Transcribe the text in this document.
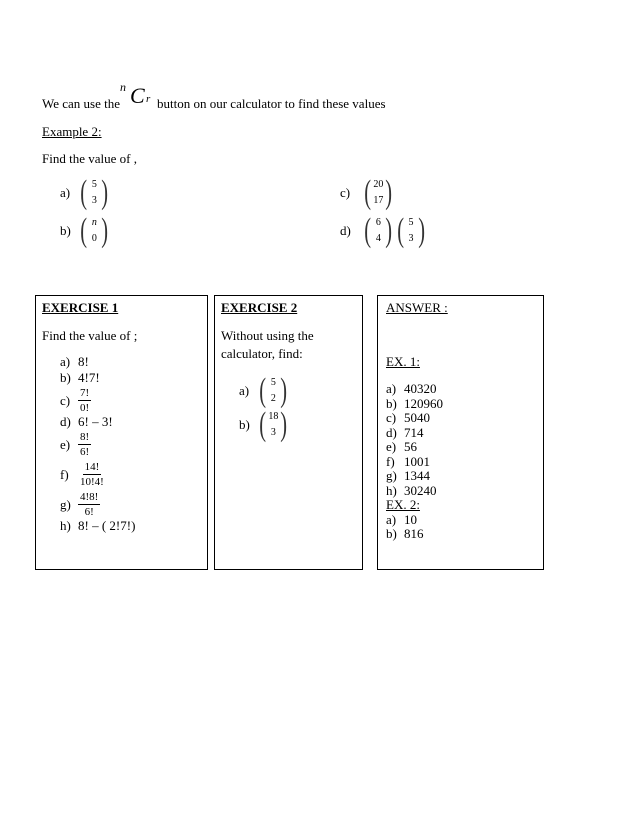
We can use the
n C r button on our calculator to find these values
Example 2:
Find the value of ,
a) ( 5
3 )
b) ( n
0 )
c) ( 20
17 )
d) ( 6
4 ) ( 5
3 )
EXERCISE 1
Find the value of ;
a) 8!
b) 4!7!
$c) \frac{7!}{0!}$
d) 6! – 3!
$e) \frac{8!}{6!}$
$f) \frac{14!}{10!4!}$
$g) \frac{4!8!}{6!}$
h) 8! – ( 2!7!)
EXERCISE 2
Without using the
calculator, find:
a) ( 5
2 )
b) ( 18
3 )
ANSWER :
EX. 1:
a) 40320
b) 120960
c) 5040
d) 714
e) 56
f) 1001
g) 1344
h) 30240
EX. 2:
a) 10
b) 816
